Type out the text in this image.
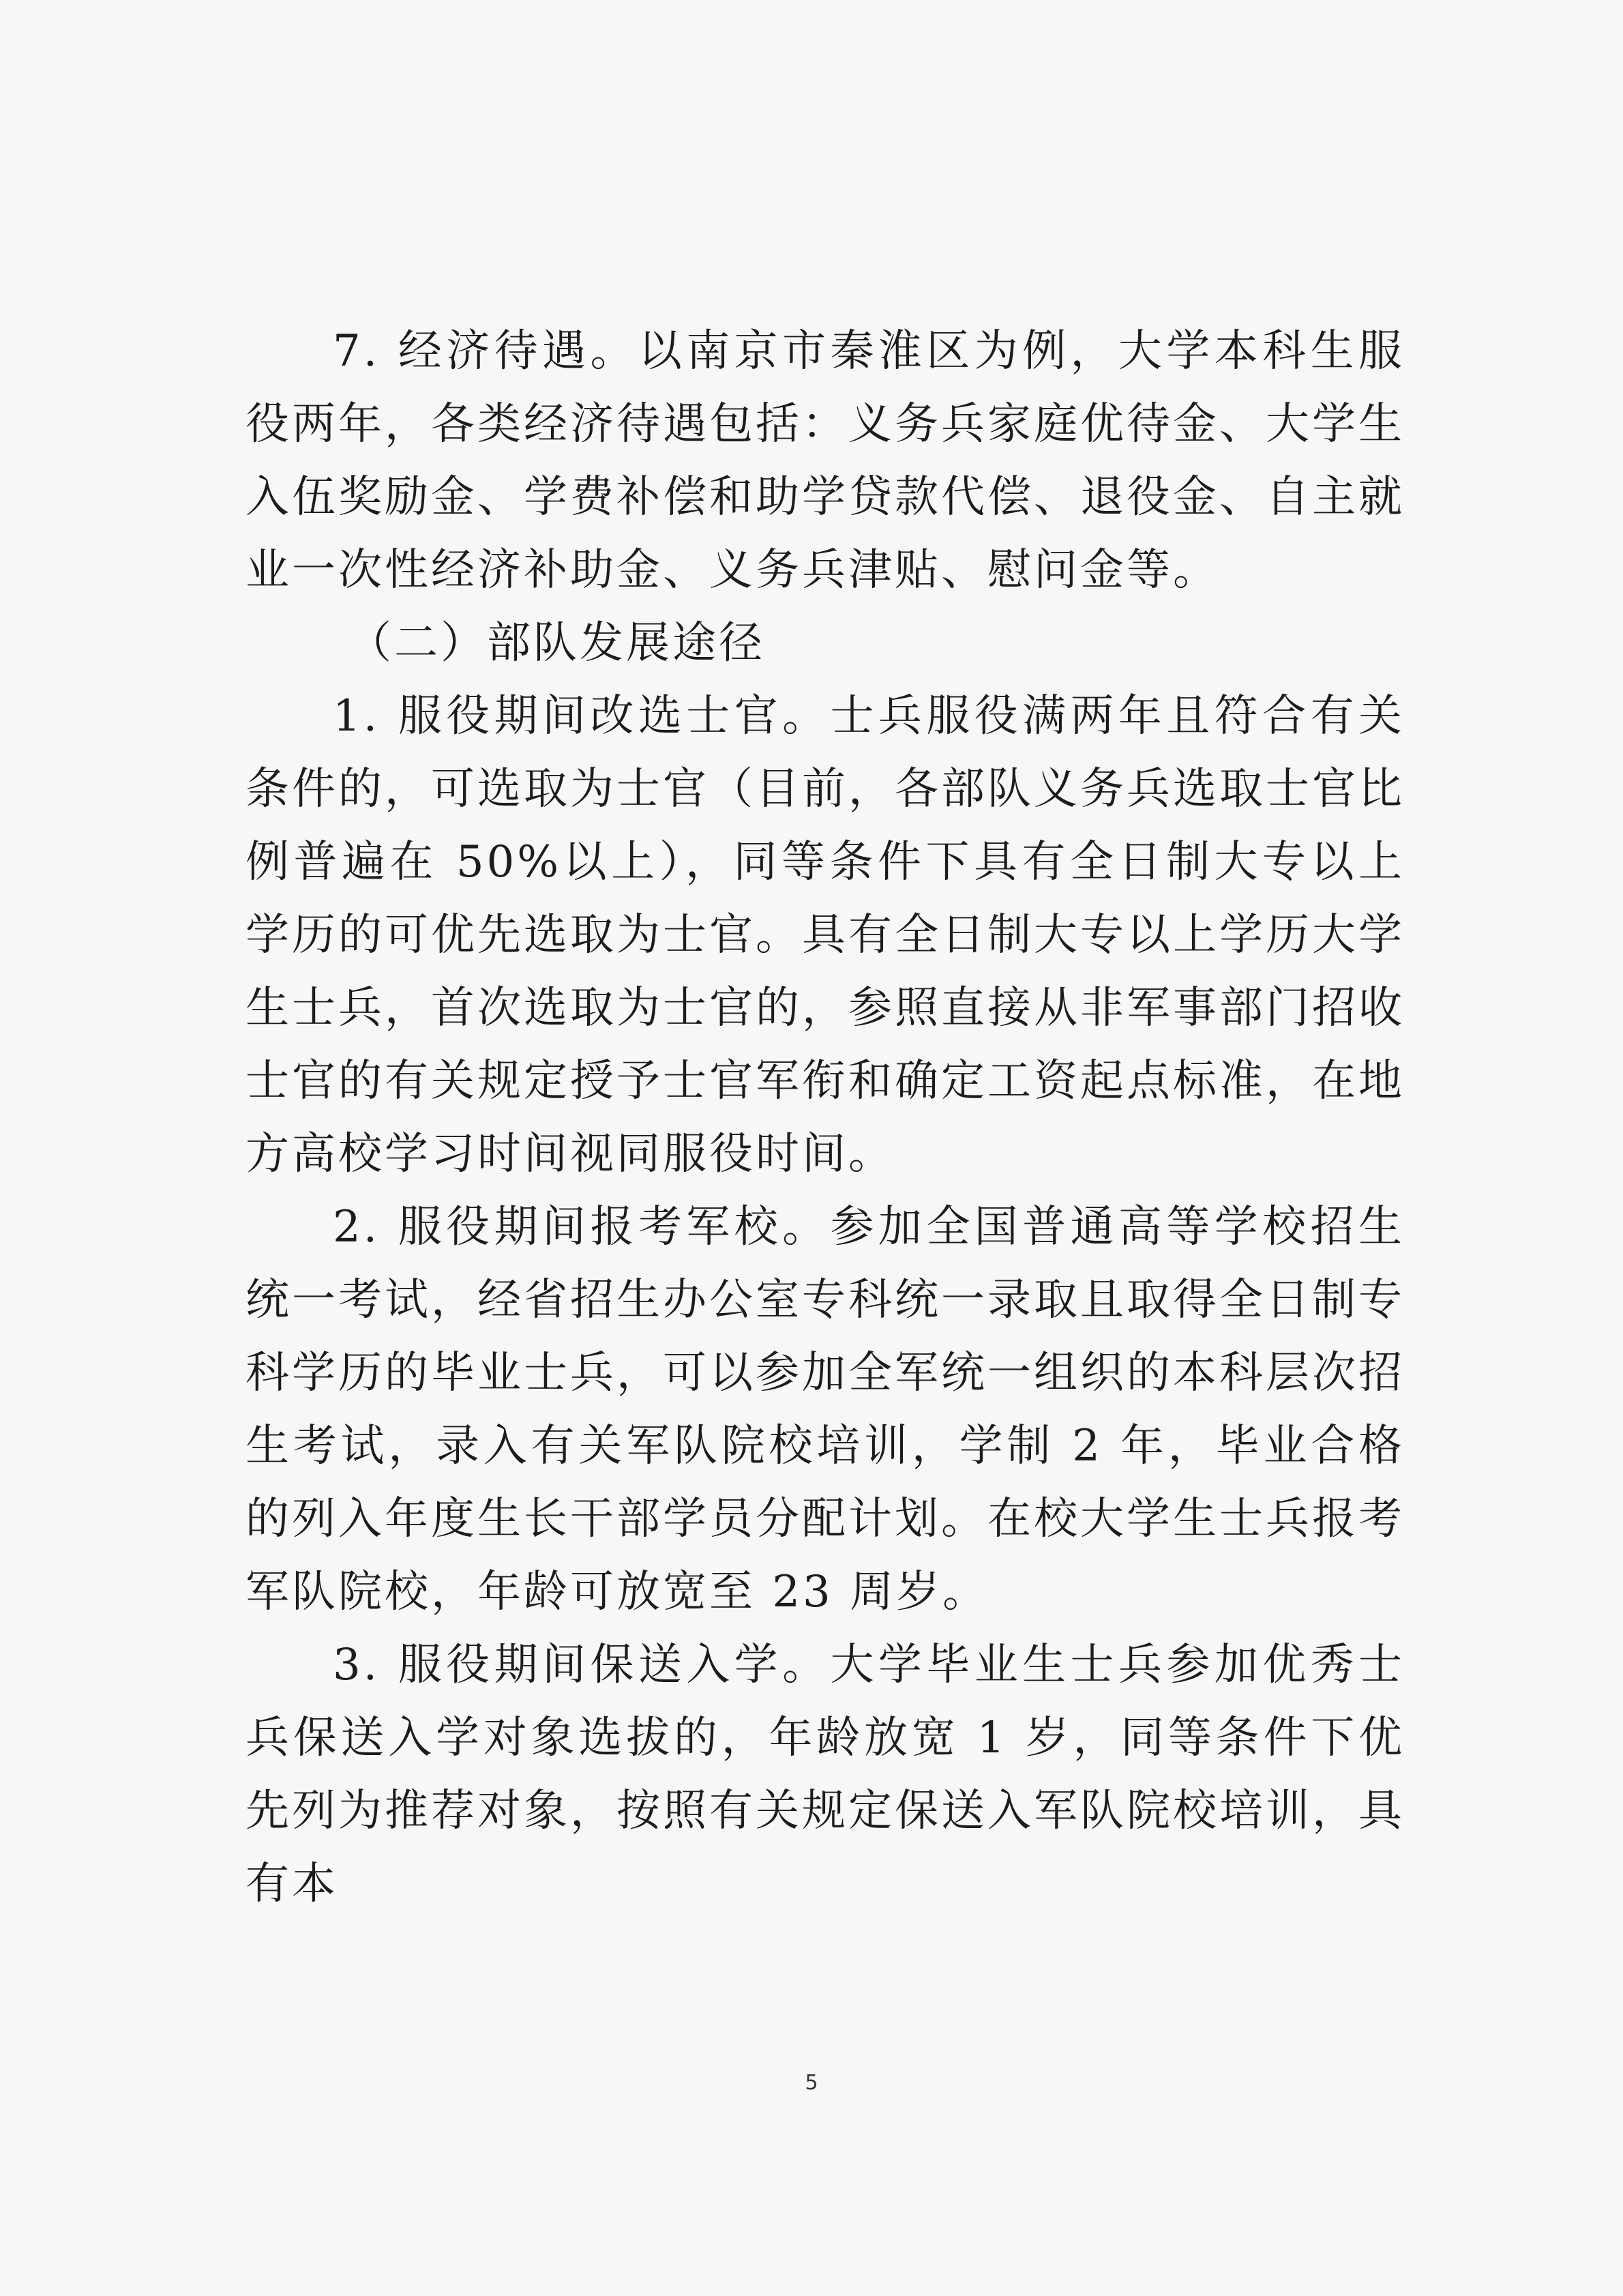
7. 经济待遇。以南京市秦淮区为例，大学本科生服役两年，各类经济待遇包括：义务兵家庭优待金、大学生入伍奖励金、学费补偿和助学贷款代偿、退役金、自主就业一次性经济补助金、义务兵津贴、慰问金等。

（二）部队发展途径

1. 服役期间改选士官。士兵服役满两年且符合有关条件的，可选取为士官（目前，各部队义务兵选取士官比例普遍在 50%以上），同等条件下具有全日制大专以上学历的可优先选取为士官。具有全日制大专以上学历大学生士兵，首次选取为士官的，参照直接从非军事部门招收士官的有关规定授予士官军衔和确定工资起点标准，在地方高校学习时间视同服役时间。

2. 服役期间报考军校。参加全国普通高等学校招生统一考试，经省招生办公室专科统一录取且取得全日制专科学历的毕业士兵，可以参加全军统一组织的本科层次招生考试，录入有关军队院校培训，学制 2 年，毕业合格的列入年度生长干部学员分配计划。在校大学生士兵报考军队院校，年龄可放宽至 23 周岁。

3. 服役期间保送入学。大学毕业生士兵参加优秀士兵保送入学对象选拔的，年龄放宽 1 岁，同等条件下优先列为推荐对象，按照有关规定保送入军队院校培训，具有本

5
